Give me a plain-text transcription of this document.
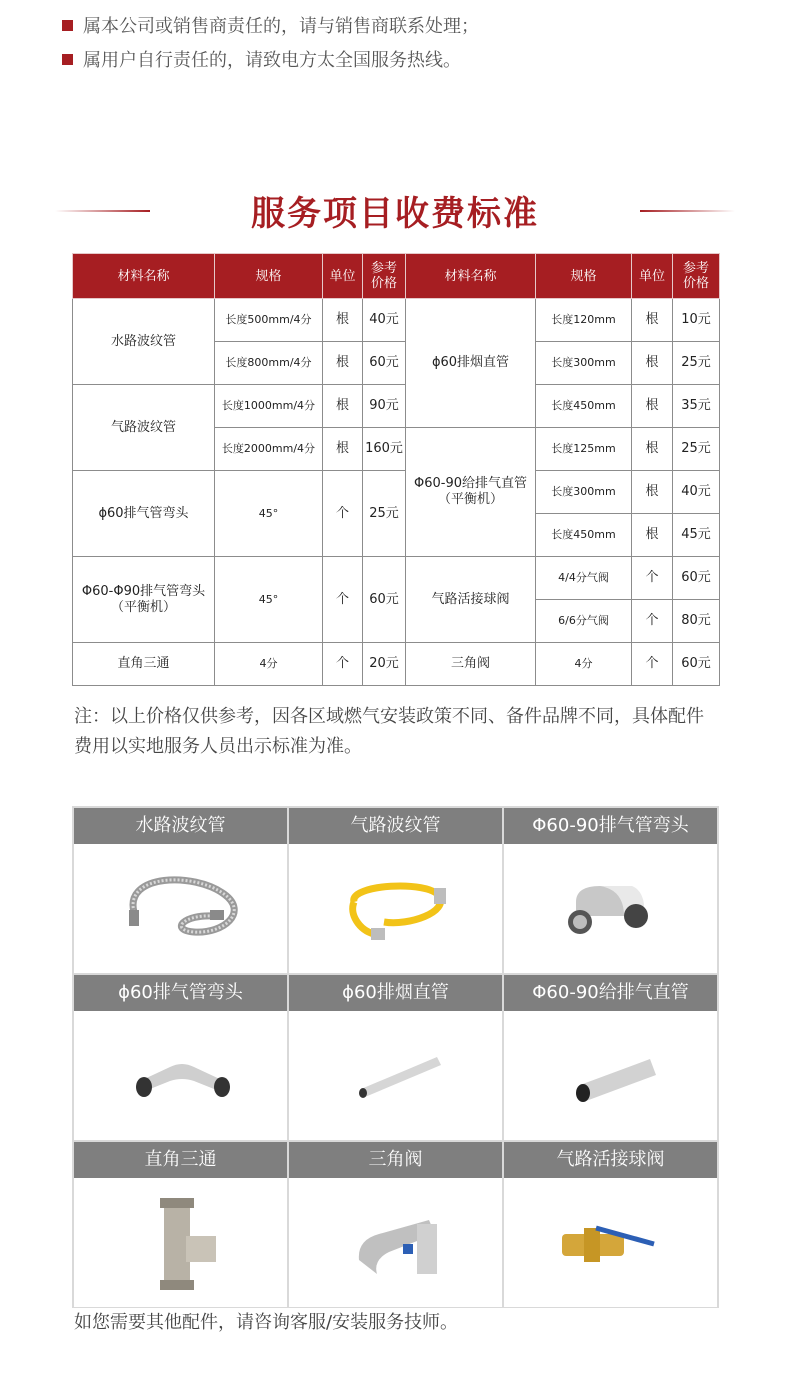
属本公司或销售商责任的，请与销售商联系处理；
属用户自行责任的，请致电方太全国服务热线。
服务项目收费标准
材料名称	规格	单位	参考价格	材料名称	规格	单位	参考价格
水路波纹管	长度500mm/4分	根	40元	ϕ60排烟直管	长度120mm	根	10元
	长度800mm/4分	根	60元		长度300mm	根	25元
气路波纹管	长度1000mm/4分	根	90元		长度450mm	根	35元
	长度2000mm/4分	根	160元	Φ60-90给排气直管（平衡机）	长度125mm	根	25元
ϕ60排气管弯头	45°	个	25元		长度300mm	根	40元
					长度450mm	根	45元
Φ60-Φ90排气管弯头（平衡机）	45°	个	60元	气路活接球阀	4/4分气阀	个	60元
					6/6分气阀	个	80元
直角三通	4分	个	20元	三角阀	4分	个	60元
注：以上价格仅供参考，因各区域燃气安装政策不同、备件品牌不同，具体配件费用以实地服务人员出示标准为准。
水路波纹管	气路波纹管	Φ60-90排气管弯头
ϕ60排气管弯头	ϕ60排烟直管	Φ60-90给排气直管
直角三通	三角阀	气路活接球阀
如您需要其他配件，请咨询客服/安装服务技师。
